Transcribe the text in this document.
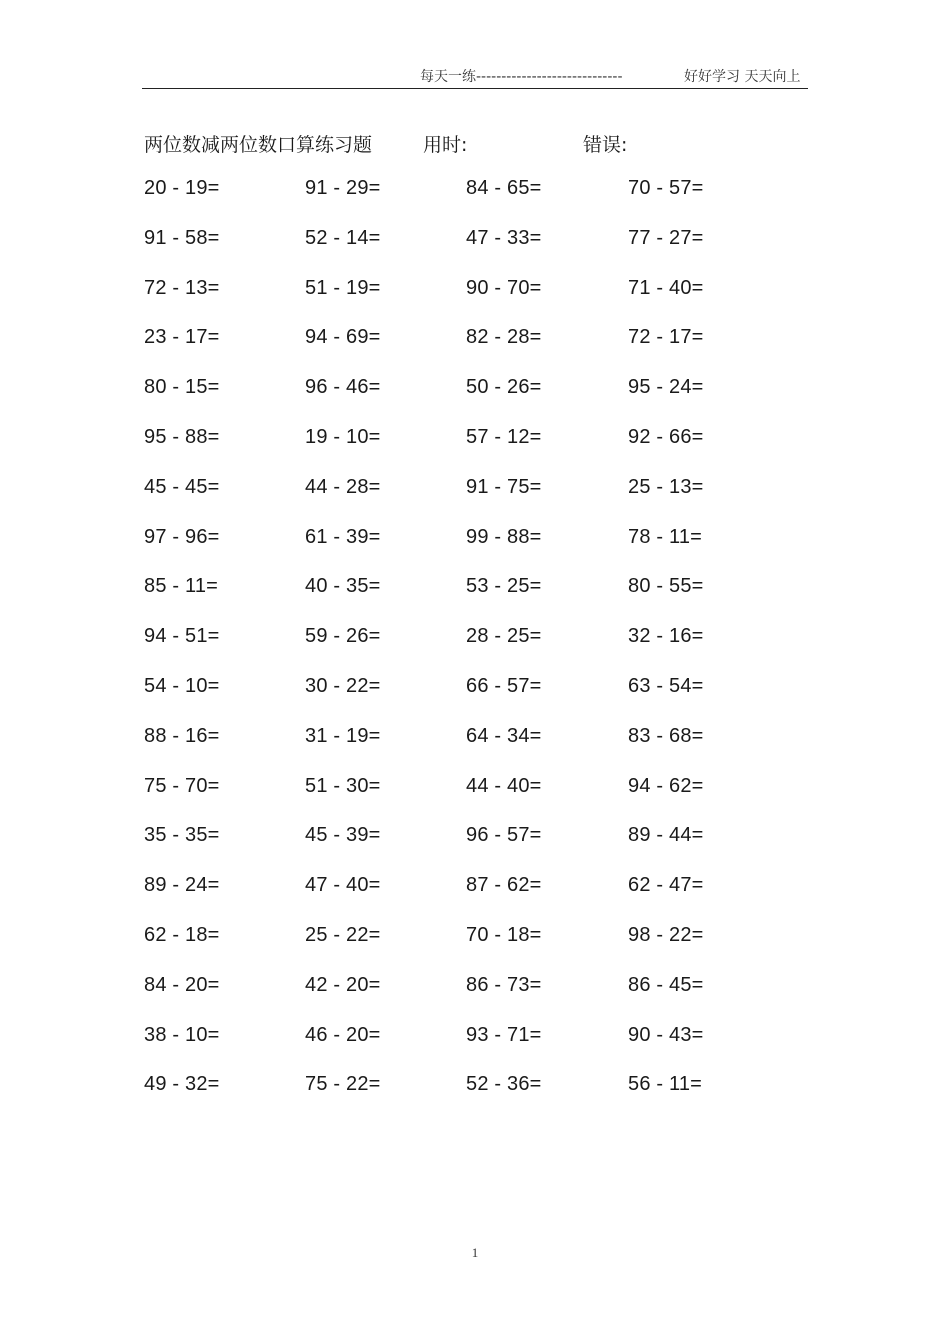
每天一练-----------------------------	好好学习 天天向上
两位数减两位数口算练习题	用时:	错误:
20 - 19=	91 - 29=	84 - 65=	70 - 57=
91 - 58=	52 - 14=	47 - 33=	77 - 27=
72 - 13=	51 - 19=	90 - 70=	71 - 40=
23 - 17=	94 - 69=	82 - 28=	72 - 17=
80 - 15=	96 - 46=	50 - 26=	95 - 24=
95 - 88=	19 - 10=	57 - 12=	92 - 66=
45 - 45=	44 - 28=	91 - 75=	25 - 13=
97 - 96=	61 - 39=	99 - 88=	78 - 11=
85 - 11=	40 - 35=	53 - 25=	80 - 55=
94 - 51=	59 - 26=	28 - 25=	32 - 16=
54 - 10=	30 - 22=	66 - 57=	63 - 54=
88 - 16=	31 - 19=	64 - 34=	83 - 68=
75 - 70=	51 - 30=	44 - 40=	94 - 62=
35 - 35=	45 - 39=	96 - 57=	89 - 44=
89 - 24=	47 - 40=	87 - 62=	62 - 47=
62 - 18=	25 - 22=	70 - 18=	98 - 22=
84 - 20=	42 - 20=	86 - 73=	86 - 45=
38 - 10=	46 - 20=	93 - 71=	90 - 43=
49 - 32=	75 - 22=	52 - 36=	56 - 11=
1
